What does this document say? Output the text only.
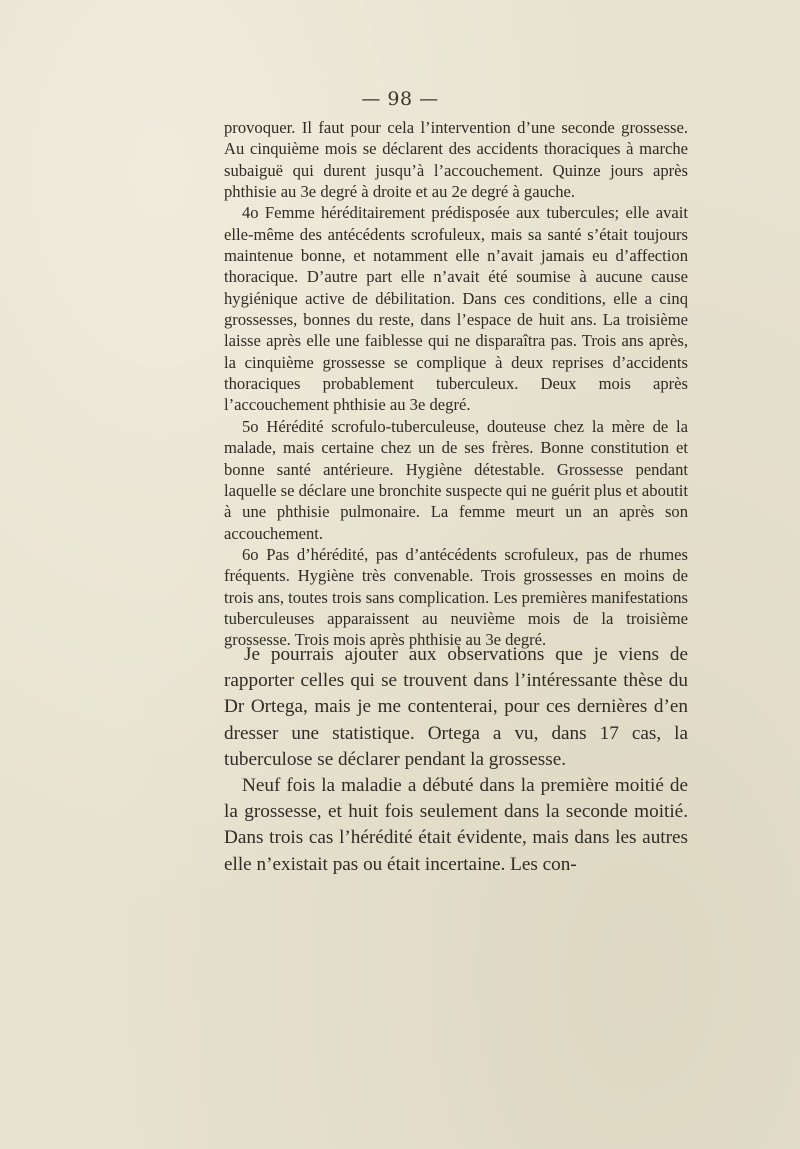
— 98 —

provoquer. Il faut pour cela l’intervention d’une seconde grossesse. Au cinquième mois se déclarent des accidents thoraciques à marche subaiguë qui durent jusqu’à l’accouchement. Quinze jours après phthisie au 3e degré à droite et au 2e degré à gauche.

4o Femme héréditairement prédisposée aux tubercules; elle avait elle-même des antécédents scrofuleux, mais sa santé s’était toujours maintenue bonne, et notamment elle n’avait jamais eu d’affection thoracique. D’autre part elle n’avait été soumise à aucune cause hygiénique active de débilitation. Dans ces conditions, elle a cinq grossesses, bonnes du reste, dans l’espace de huit ans. La troisième laisse après elle une faiblesse qui ne disparaîtra pas. Trois ans après, la cinquième grossesse se complique à deux reprises d’accidents thoraciques probablement tuberculeux. Deux mois après l’accouchement phthisie au 3e degré.

5o Hérédité scrofulo-tuberculeuse, douteuse chez la mère de la malade, mais certaine chez un de ses frères. Bonne constitution et bonne santé antérieure. Hygiène détestable. Grossesse pendant laquelle se déclare une bronchite suspecte qui ne guérit plus et aboutit à une phthisie pulmonaire. La femme meurt un an après son accouchement.

6o Pas d’hérédité, pas d’antécédents scrofuleux, pas de rhumes fréquents. Hygiène très convenable. Trois grossesses en moins de trois ans, toutes trois sans complication. Les premières manifestations tuberculeuses apparaissent au neuvième mois de la troisième grossesse. Trois mois après phthisie au 3e degré.

Je pourrais ajouter aux observations que je viens de rapporter celles qui se trouvent dans l’intéressante thèse du Dr Ortega, mais je me contenterai, pour ces dernières d’en dresser une statistique. Ortega a vu, dans 17 cas, la tuberculose se déclarer pendant la grossesse.

Neuf fois la maladie a débuté dans la première moitié de la grossesse, et huit fois seulement dans la seconde moitié. Dans trois cas l’hérédité était évidente, mais dans les autres elle n’existait pas ou était incertaine. Les con-
